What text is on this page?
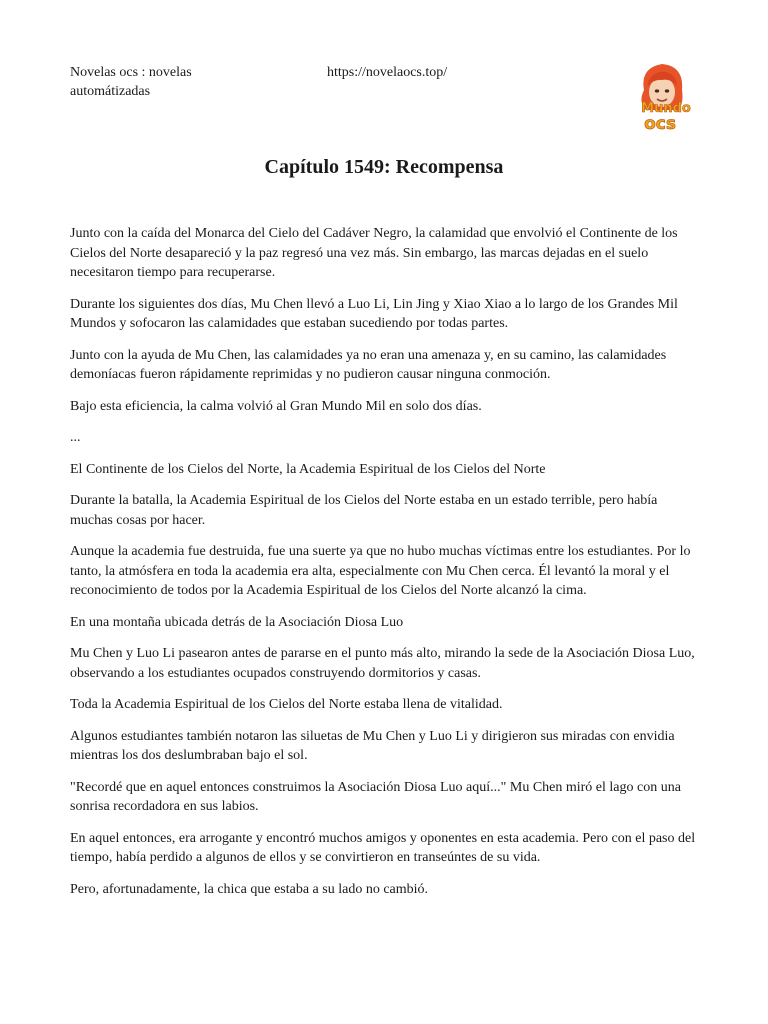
Novelas ocs : novelas automátizadas
https://novelaocs.top/
Mundo
ocs
Capítulo 1549: Recompensa

Junto con la caída del Monarca del Cielo del Cadáver Negro, la calamidad que envolvió el Continente de los Cielos del Norte desapareció y la paz regresó una vez más. Sin embargo, las marcas dejadas en el suelo necesitaron tiempo para recuperarse.

Durante los siguientes dos días, Mu Chen llevó a Luo Li, Lin Jing y Xiao Xiao a lo largo de los Grandes Mil Mundos y sofocaron las calamidades que estaban sucediendo por todas partes.

Junto con la ayuda de Mu Chen, las calamidades ya no eran una amenaza y, en su camino, las calamidades demoníacas fueron rápidamente reprimidas y no pudieron causar ninguna conmoción.

Bajo esta eficiencia, la calma volvió al Gran Mundo Mil en solo dos días.

...

El Continente de los Cielos del Norte, la Academia Espiritual de los Cielos del Norte

Durante la batalla, la Academia Espiritual de los Cielos del Norte estaba en un estado terrible, pero había muchas cosas por hacer.

Aunque la academia fue destruida, fue una suerte ya que no hubo muchas víctimas entre los estudiantes. Por lo tanto, la atmósfera en toda la academia era alta, especialmente con Mu Chen cerca. Él levantó la moral y el reconocimiento de todos por la Academia Espiritual de los Cielos del Norte alcanzó la cima.

En una montaña ubicada detrás de la Asociación Diosa Luo

Mu Chen y Luo Li pasearon antes de pararse en el punto más alto, mirando la sede de la Asociación Diosa Luo, observando a los estudiantes ocupados construyendo dormitorios y casas.

Toda la Academia Espiritual de los Cielos del Norte estaba llena de vitalidad.

Algunos estudiantes también notaron las siluetas de Mu Chen y Luo Li y dirigieron sus miradas con envidia mientras los dos deslumbraban bajo el sol.

"Recordé que en aquel entonces construimos la Asociación Diosa Luo aquí..." Mu Chen miró el lago con una sonrisa recordadora en sus labios.

En aquel entonces, era arrogante y encontró muchos amigos y oponentes en esta academia. Pero con el paso del tiempo, había perdido a algunos de ellos y se convirtieron en transeúntes de su vida.

Pero, afortunadamente, la chica que estaba a su lado no cambió.
